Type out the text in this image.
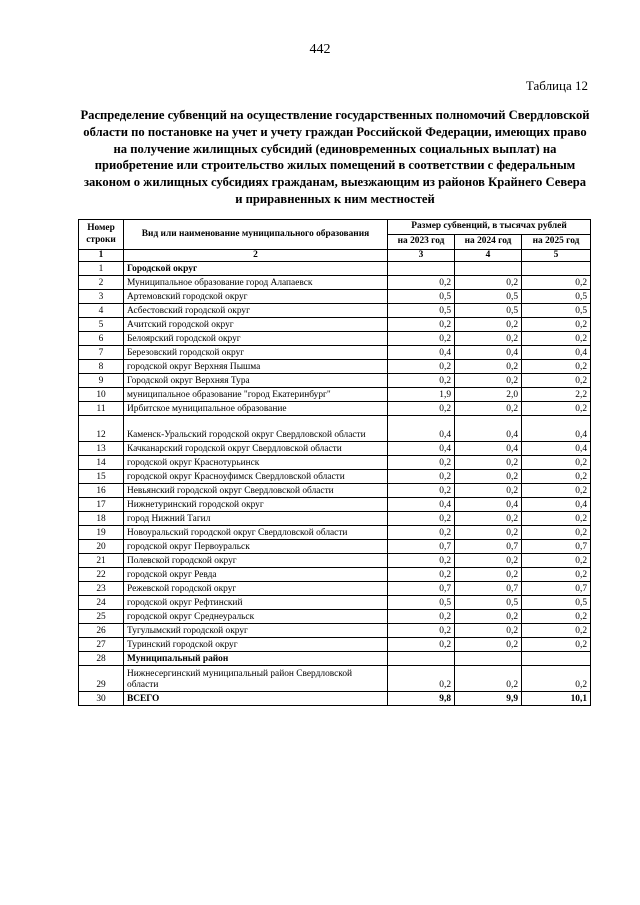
442
Таблица 12
Распределение субвенций на осуществление государственных полномочий Свердловской области по постановке на учет и учету граждан Российской Федерации, имеющих право на получение жилищных субсидий (единовременных социальных выплат) на приобретение или строительство жилых помещений в соответствии с федеральным законом о жилищных субсидиях гражданам, выезжающим из районов Крайнего Севера и приравненных к ним местностей
Номер строки	Вид или наименование муниципального образования	Размер субвенций, в тысячах рублей		
		на 2023 год	на 2024 год	на 2025 год
1	2	3	4	5
1	Городской округ			
2	Муниципальное образование город Алапаевск	0,2	0,2	0,2
3	Артемовский городской округ	0,5	0,5	0,5
4	Асбестовский городской округ	0,5	0,5	0,5
5	Ачитский городской округ	0,2	0,2	0,2
6	Белоярский городской округ	0,2	0,2	0,2
7	Березовский городской округ	0,4	0,4	0,4
8	городской округ Верхняя Пышма	0,2	0,2	0,2
9	Городской округ Верхняя Тура	0,2	0,2	0,2
10	муниципальное образование "город Екатеринбург"	1,9	2,0	2,2
11	Ирбитское муниципальное образование	0,2	0,2	0,2
12	Каменск-Уральский городской округ Свердловской области	0,4	0,4	0,4
13	Качканарский городской округ Свердловской области	0,4	0,4	0,4
14	городской округ Краснотурьинск	0,2	0,2	0,2
15	городской округ Красноуфимск Свердловской области	0,2	0,2	0,2
16	Невьянский городской округ Свердловской области	0,2	0,2	0,2
17	Нижнетуринский городской округ	0,4	0,4	0,4
18	город Нижний Тагил	0,2	0,2	0,2
19	Новоуральский городской округ Свердловской области	0,2	0,2	0,2
20	городской округ Первоуральск	0,7	0,7	0,7
21	Полевской городской округ	0,2	0,2	0,2
22	городской округ Ревда	0,2	0,2	0,2
23	Режевской городской округ	0,7	0,7	0,7
24	городской округ Рефтинский	0,5	0,5	0,5
25	городской округ Среднеуральск	0,2	0,2	0,2
26	Тугулымский городской округ	0,2	0,2	0,2
27	Туринский городской округ	0,2	0,2	0,2
28	Муниципальный район			
29	Нижнесергинский муниципальный район Свердловской области	0,2	0,2	0,2
30	ВСЕГО	9,8	9,9	10,1
